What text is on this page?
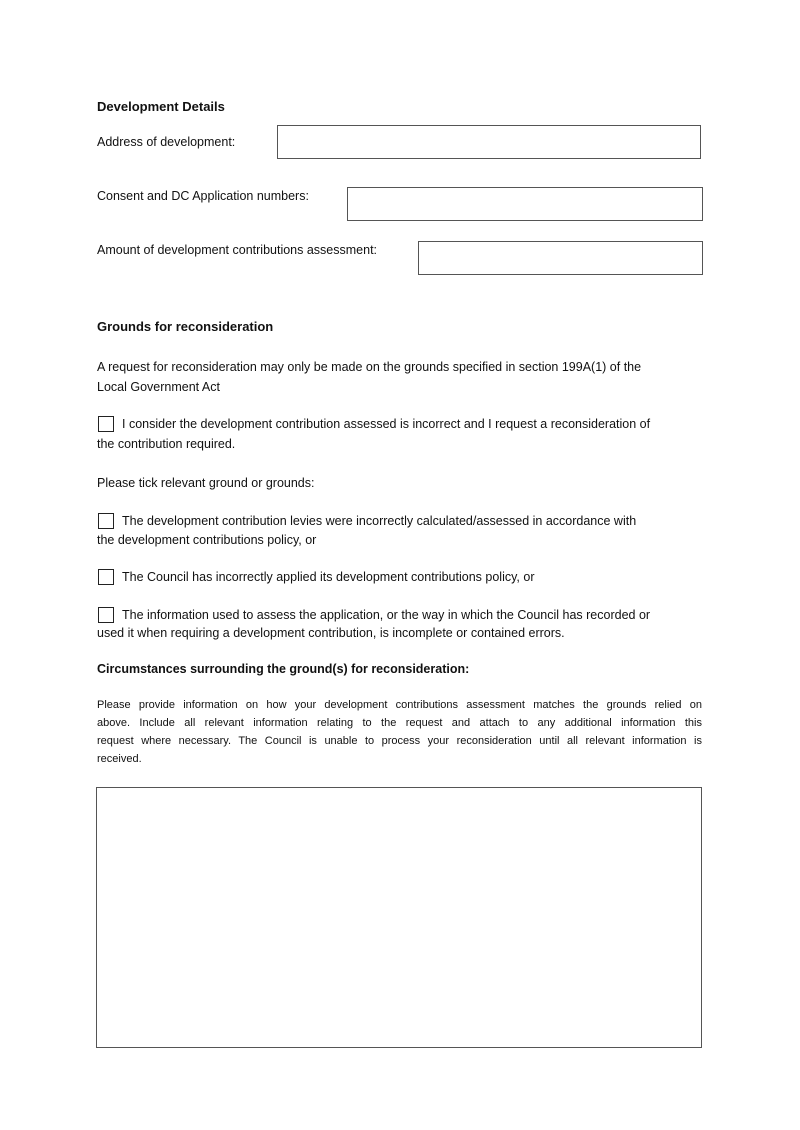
Development Details
Address of development:
Consent and DC Application numbers:
Amount of development contributions assessment:
Grounds for reconsideration
A request for reconsideration may only be made on the grounds specified in section 199A(1) of the
Local Government Act
I consider the development contribution assessed is incorrect and I request a reconsideration of
the contribution required.
Please tick relevant ground or grounds:
The development contribution levies were incorrectly calculated/assessed in accordance with
the development contributions policy, or
The Council has incorrectly applied its development contributions policy, or
The information used to assess the application, or the way in which the Council has recorded or
used it when requiring a development contribution, is incomplete or contained errors.
Circumstances surrounding the ground(s) for reconsideration:
Please provide information on how your development contributions assessment matches the grounds relied on
above. Include all relevant information relating to the request and attach to any additional information this
request where necessary. The Council is unable to process your reconsideration until all relevant information is
received.
